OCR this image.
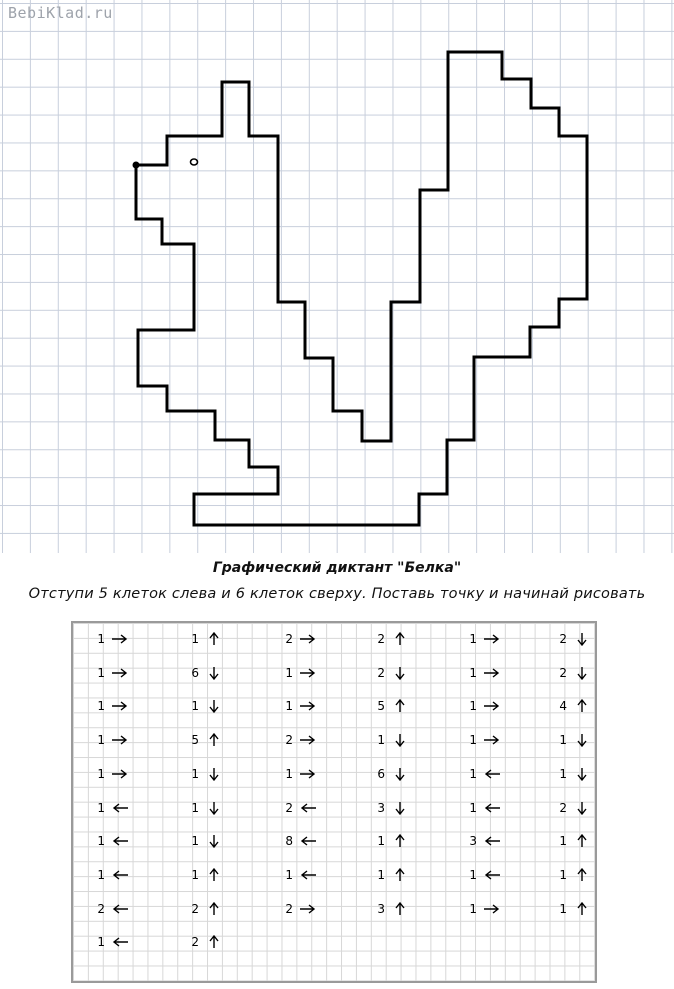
BebiKlad.ru
Графический диктант "Белка"
Отступи 5 клеток слева и 6 клеток сверху. Поставь точку и начинай рисовать
1
1
1
1
1
1
1
1
2
1
1
6
1
5
1
1
1
1
2
2
2
1
1
2
1
2
8
1
2
2
2
5
1
6
3
1
1
3
1
1
1
1
1
1
3
1
1
2
2
4
1
1
2
1
1
1
